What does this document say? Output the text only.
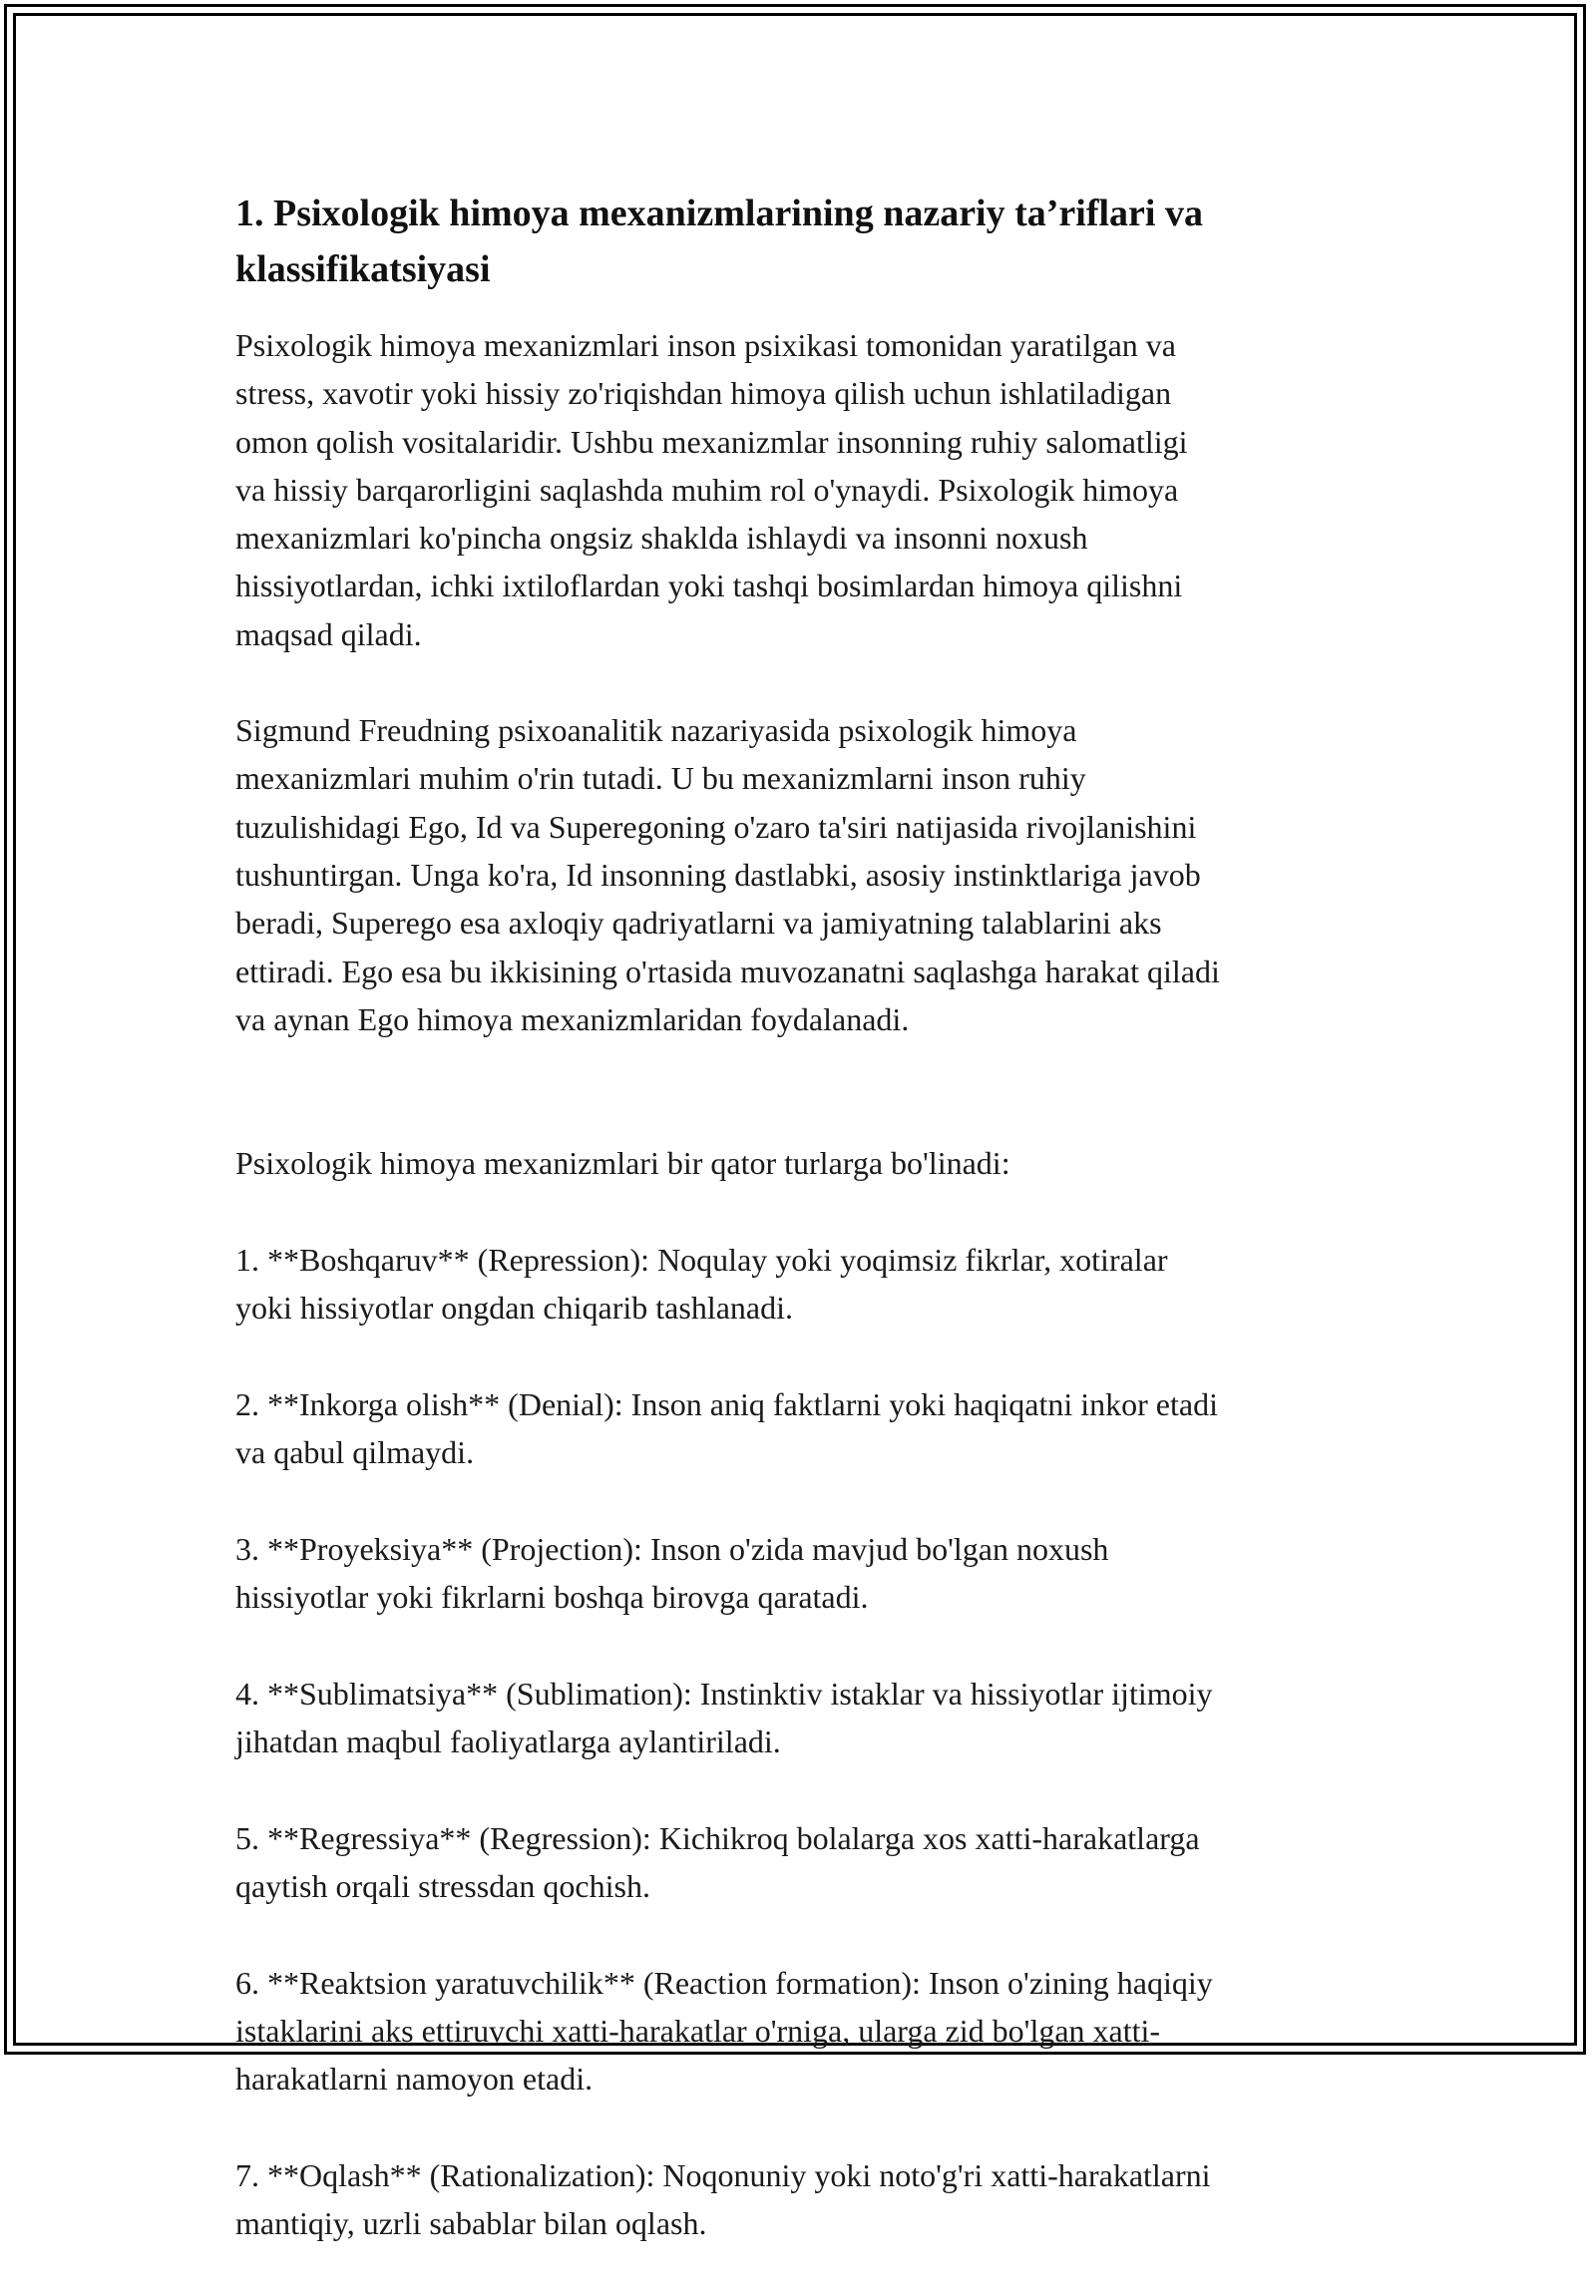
1. Psixologik himoya mexanizmlarining nazariy ta’riflari va klassifikatsiyasi

Psixologik himoya mexanizmlari inson psixikasi tomonidan yaratilgan va
stress, xavotir yoki hissiy zo'riqishdan himoya qilish uchun ishlatiladigan
omon qolish vositalaridir. Ushbu mexanizmlar insonning ruhiy salomatligi
va hissiy barqarorligini saqlashda muhim rol o'ynaydi. Psixologik himoya
mexanizmlari ko'pincha ongsiz shaklda ishlaydi va insonni noxush
hissiyotlardan, ichki ixtiloflardan yoki tashqi bosimlardan himoya qilishni
maqsad qiladi.

Sigmund Freudning psixoanalitik nazariyasida psixologik himoya
mexanizmlari muhim o'rin tutadi. U bu mexanizmlarni inson ruhiy
tuzulishidagi Ego, Id va Superegoning o'zaro ta'siri natijasida rivojlanishini
tushuntirgan. Unga ko'ra, Id insonning dastlabki, asosiy instinktlariga javob
beradi, Superego esa axloqiy qadriyatlarni va jamiyatning talablarini aks
ettiradi. Ego esa bu ikkisining o'rtasida muvozanatni saqlashga harakat qiladi
va aynan Ego himoya mexanizmlaridan foydalanadi.

Psixologik himoya mexanizmlari bir qator turlarga bo'linadi:

1. **Boshqaruv** (Repression): Noqulay yoki yoqimsiz fikrlar, xotiralar
yoki hissiyotlar ongdan chiqarib tashlanadi.

2. **Inkorga olish** (Denial): Inson aniq faktlarni yoki haqiqatni inkor etadi
va qabul qilmaydi.

3. **Proyeksiya** (Projection): Inson o'zida mavjud bo'lgan noxush
hissiyotlar yoki fikrlarni boshqa birovga qaratadi.

4. **Sublimatsiya** (Sublimation): Instinktiv istaklar va hissiyotlar ijtimoiy
jihatdan maqbul faoliyatlarga aylantiriladi.

5. **Regressiya** (Regression): Kichikroq bolalarga xos xatti-harakatlarga
qaytish orqali stressdan qochish.

6. **Reaktsion yaratuvchilik** (Reaction formation): Inson o'zining haqiqiy
istaklarini aks ettiruvchi xatti-harakatlar o'rniga, ularga zid bo'lgan xatti-
harakatlarni namoyon etadi.

7. **Oqlash** (Rationalization): Noqonuniy yoki noto'g'ri xatti-harakatlarni
mantiqiy, uzrli sabablar bilan oqlash.
